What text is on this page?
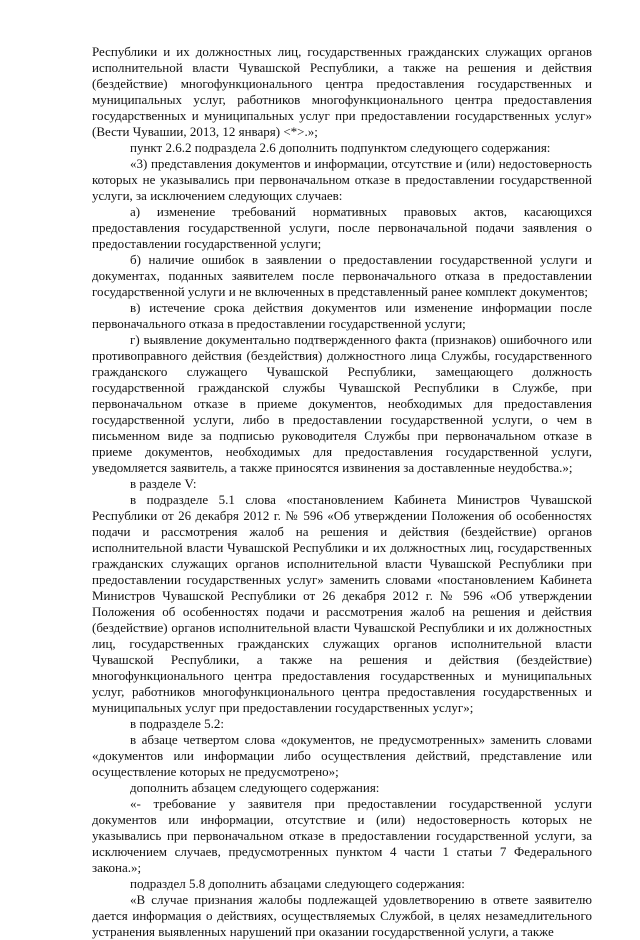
Республики и их должностных лиц, государственных гражданских служащих органов исполнительной власти Чувашской Республики, а также на решения и действия (бездействие) многофункционального центра предоставления государственных и муниципальных услуг, работников многофункционального центра предоставления государственных и муниципальных услуг при предоставлении государственных услуг» (Вести Чувашии, 2013, 12 января) <*>.»;

пункт 2.6.2 подраздела 2.6 дополнить подпунктом следующего содержания:

«3) представления документов и информации, отсутствие и (или) недостоверность которых не указывались при первоначальном отказе в предоставлении государственной услуги, за исключением следующих случаев:

а) изменение требований нормативных правовых актов, касающихся предоставления государственной услуги, после первоначальной подачи заявления о предоставлении государственной услуги;

б) наличие ошибок в заявлении о предоставлении государственной услуги и документах, поданных заявителем после первоначального отказа в предоставлении государственной услуги и не включенных в представленный ранее комплект документов;

в) истечение срока действия документов или изменение информации после первоначального отказа в предоставлении государственной услуги;

г) выявление документально подтвержденного факта (признаков) ошибочного или противоправного действия (бездействия) должностного лица Службы, государственного гражданского служащего Чувашской Республики, замещающего должность государственной гражданской службы Чувашской Республики в Службе, при первоначальном отказе в приеме документов, необходимых для предоставления государственной услуги, либо в предоставлении государственной услуги, о чем в письменном виде за подписью руководителя Службы при первоначальном отказе в приеме документов, необходимых для предоставления государственной услуги, уведомляется заявитель, а также приносятся извинения за доставленные неудобства.»;

в разделе V:

в подразделе 5.1 слова «постановлением Кабинета Министров Чувашской Республики от 26 декабря 2012 г. № 596 «Об утверждении Положения об особенностях подачи и рассмотрения жалоб на решения и действия (бездействие) органов исполнительной власти Чувашской Республики и их должностных лиц, государственных гражданских служащих органов исполнительной власти Чувашской Республики при предоставлении государственных услуг» заменить словами «постановлением Кабинета Министров Чувашской Республики от 26 декабря 2012 г. № 596 «Об утверждении Положения об особенностях подачи и рассмотрения жалоб на решения и действия (бездействие) органов исполнительной власти Чувашской Республики и их должностных лиц, государственных гражданских служащих органов исполнительной власти Чувашской Республики, а также на решения и действия (бездействие) многофункционального центра предоставления государственных и муниципальных услуг, работников многофункционального центра предоставления государственных и муниципальных услуг при предоставлении государственных услуг»;

в подразделе 5.2:

в абзаце четвертом слова «документов, не предусмотренных» заменить словами «документов или информации либо осуществления действий, представление или осуществление которых не предусмотрено»;

дополнить абзацем следующего содержания:

«- требование у заявителя при предоставлении государственной услуги документов или информации, отсутствие и (или) недостоверность которых не указывались при первоначальном отказе в предоставлении государственной услуги, за исключением случаев, предусмотренных пунктом 4 части 1 статьи 7 Федерального закона.»;

подраздел 5.8 дополнить абзацами следующего содержания:

«В случае признания жалобы подлежащей удовлетворению в ответе заявителю дается информация о действиях, осуществляемых Службой, в целях незамедлительного устранения выявленных нарушений при оказании государственной услуги, а также
